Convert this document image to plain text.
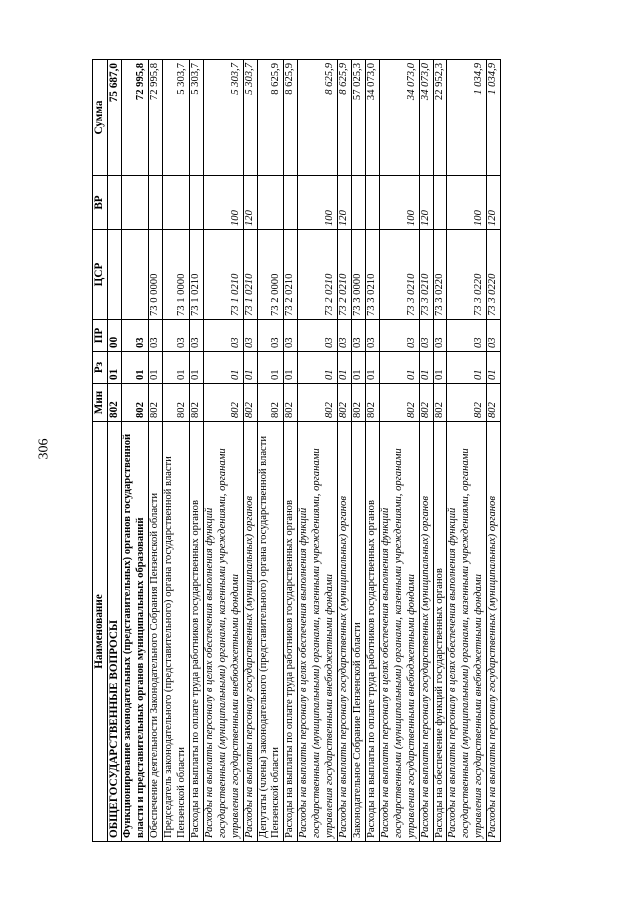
306
Наименование	Мин	Рз	ПР	ЦСР	ВР	Сумма
ОБЩЕГОСУДАРСТВЕННЫЕ ВОПРОСЫ	802	01	00			75 687,0
Функционирование законодательных (представительных) органов государственной власти и представительных органов муниципальных образований	802	01	03			72 995,8
Обеспечение деятельности Законодательного Собрания Пензенской области	802	01	03	73 0 0000		72 995,8
Председатель законодательного (представительного) органа государственной власти Пензенской области	802	01	03	73 1 0000		5 303,7
Расходы на выплаты по оплате труда работников государственных органов	802	01	03	73 1 0210		5 303,7
Расходы на выплаты персоналу в целях обеспечения выполнения функций государственными (муниципальными) органами, казенными учреждениями, органами управления государственными внебюджетными фондами	802	01	03	73 1 0210	100	5 303,7
Расходы на выплаты персоналу государственных (муниципальных) органов	802	01	03	73 1 0210	120	5 303,7
Депутаты (члены) законодательного (представительного) органа государственной власти Пензенской области	802	01	03	73 2 0000		8 625,9
Расходы на выплаты по оплате труда работников государственных органов	802	01	03	73 2 0210		8 625,9
Расходы на выплаты персоналу в целях обеспечения выполнения функций государственными (муниципальными) органами, казенными учреждениями, органами управления государственными внебюджетными фондами	802	01	03	73 2 0210	100	8 625,9
Расходы на выплаты персоналу государственных (муниципальных) органов	802	01	03	73 2 0210	120	8 625,9
Законодательное Собрание Пензенской области	802	01	03	73 3 0000		57 025,3
Расходы на выплаты по оплате труда работников государственных органов	802	01	03	73 3 0210		34 073,0
Расходы на выплаты персоналу в целях обеспечения выполнения функций государственными (муниципальными) органами, казенными учреждениями, органами управления государственными внебюджетными фондами	802	01	03	73 3 0210	100	34 073,0
Расходы на выплаты персоналу государственных (муниципальных) органов	802	01	03	73 3 0210	120	34 073,0
Расходы на обеспечение функций государственных органов	802	01	03	73 3 0220		22 952,3
Расходы на выплаты персоналу в целях обеспечения выполнения функций государственными (муниципальными) органами, казенными учреждениями, органами управления государственными внебюджетными фондами	802	01	03	73 3 0220	100	1 034,9
Расходы на выплаты персоналу государственных (муниципальных) органов	802	01	03	73 3 0220	120	1 034,9
